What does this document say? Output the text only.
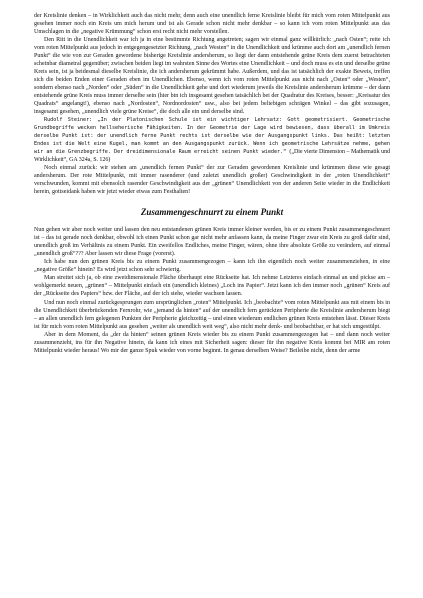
der Kreislinie denken – in Wirklichkeit auch das nicht mehr, denn auch eine unendlich ferne Kreislinie bleibt für mich vom roten Mittelpunkt aus gesehen immer noch ein Kreis um mich herum und ist als Gerade schon nicht mehr denkbar – so kann ich vom roten Mittelpunkt aus das Umschlagen in die „negative Krümmung“ schon erst recht nicht mehr vorstellen.

Den Ritt in die Unendlichkeit war ich ja in eine bestimmte Richtung angetreten; sagen wir einmal ganz willkürlich: „nach Osten“; reite ich vom roten Mittelpunkt aus jedoch in entgegengesetzter Richtung, „nach Westen“ in die Unendlichkeit und krümme auch dort am „unendlich fernen Punkt“ die wie von zur Geraden gewordene bisherige Kreislinie andersherum, so liegt der dann entstehende grüne Kreis dem zuerst betrachteten scheinbar diametral gegenüber; zwischen beiden liegt im wahrsten Sinne des Wortes eine Unendlichkeit – und doch muss es ein und derselbe grüne Kreis sein, ist ja beidesmal dieselbe Kreislinie, die ich andersherum gekrümmt habe. Außerdem, und das ist tatsächlich der exakte Beweis, treffen sich die beiden Enden einer Geraden eben im Unendlichen. Ebenso, wenn ich vom roten Mittelpunkt aus nicht nach „Osten“ oder „Westen“, sondern ebenso nach „Norden“ oder „Süden“ in die Unendlichkeit gehe und dort wiederum jeweils die Kreislinie andersherum krümme – der dann entstehende grüne Kreis muss immer derselbe sein (hier bin ich insgesamt gesehen tatsächlich bei der Quadratur des Kreises, besser: „Kreisatur des Quadrats“ angelangt!), ebenso nach „Nordosten“, Nordnordosten“ usw., also bei jedem beliebigen schrägen Winkel – das gibt sozusagen, insgesamt gesehen, „unendlich viele grüne Kreise“, die doch alle ein und derselbe sind.

Rudolf Steiner: „In der Platonischen Schule ist ein wichtiger Lehrsatz: Gott geometrisiert. Geometrische Grundbegriffe wecken hellseherische Fähigkeiten. In der Geometrie der Lage wird bewiesen, dass überall im Umkreis derselbe Punkt ist: der unendlich ferne Punkt rechts ist derselbe wie der Ausgangspunkt links. Das heißt: letzten Endes ist die Welt eine Kugel, man kommt an den Ausgangspunkt zurück. Wenn ich geometrische Lehrsätze nehme, gehen wir an die Grenzbegriffe. Der dreidimensionale Raum erreicht seinen Punkt wieder.“ („Die vierte Dimension – Mathematik und Wirklichkeit“, GA 324a, S. 126)

Noch einmal zurück: wir stehen am „unendlich fernen Punkt“ der zur Geraden gewordenen Kreislinie und krümmen diese wie gesagt andersherum. Der rote Mittelpunkt, mit immer rasenderer (und zuletzt unendlich großer) Geschwindigkeit in der „roten Unendlichkeit“ verschwunden, kommt mit ebensolch rasender Geschwindigkeit aus der „grünen“ Unendlichkeit von der anderen Seite wieder in die Endlichkeit herein, gottseidank haben wir jetzt wieder etwas zum Festhalten!

Zusammengeschnurrt zu einem Punkt

Nun gehen wir aber noch weiter und lassen den neu entstandenen grünen Kreis immer kleiner werden, bis er zu einem Punkt zusammengeschnurrt ist – das ist gerade noch denkbar, obwohl ich einen Punkt schon gar nicht mehr anfassen kann, da meine Finger zwar ein Kreis zu groß dafür sind, unendlich groß im Verhältnis zu einem Punkt. Ein zweifellos Endliches, meine Finger, wären, ohne ihre absolute Größe zu verändern, auf einmal „unendlich groß“??? Aber lassen wir diese Frage (vorerst).

Ich habe nun den grünen Kreis bis zu einem Punkt zusammengezogen – kann ich ihn eigentlich noch weiter zusammenziehen, in eine „negative Größe“ hinein? Es wird jetzt schon sehr schwierig.

Man streitet sich ja, ob eine zweidimensionale Fläche überhaupt eine Rückseite hat. Ich nehme Letzteres einfach einmal an und pickse am – wohlgemerkt neuen, „grünen“ – Mittelpunkt einfach ein (unendlich kleines) „Loch ins Papier“. Jetzt kann ich den immer noch „grünen“ Kreis auf der „Rückseite des Papiers“ bzw. der Fläche, auf der ich stehe, wieder wachsen lassen.

Und nun noch einmal zurückgesprungen zum ursprünglichen „roten“ Mittelpunkt. Ich „beobachte“ vom roten Mittelpunkt aus mit einem bis in die Unendlichkeit überbrückenden Fernrohr, wie „jemand da hinten“ auf der unendlich fern gerückten Peripherie die Kreislinie andersherum biegt – an allen unendlich fern gelegenen Punkten der Peripherie gleichzeitig – und einen wiederum endlichen grünen Kreis entstehen lässt. Dieser Kreis ist für mich vom roten Mittelpunkt aus gesehen „weiter als unendlich weit weg“, also nicht mehr denk- und beobachtbar, er hat sich umgestülpt.

Aber in dem Moment, da „der da hinten“ seinen grünen Kreis wieder bis zu einem Punkt zusammengezogen hat – und dann noch weiter zusammenzieht, ins für ihn Negative hinein, da kann ich eines mit Sicherheit sagen: dieser für ihn negative Kreis kommt bei MIR am roten Mittelpunkt wieder heraus! Wo mir der ganze Spuk wieder von vorne beginnt. In genau derselben Weise? Beileibe nicht, denn der arme
